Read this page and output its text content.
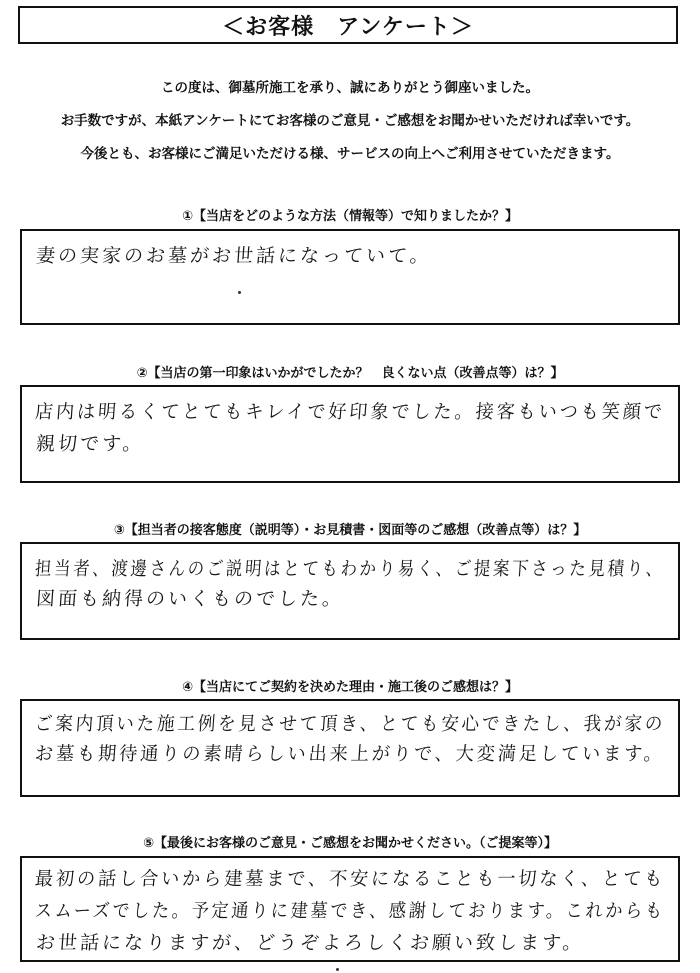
＜お客様　アンケート＞
この度は、御墓所施工を承り、誠にありがとう御座いました。
お手数ですが、本紙アンケートにてお客様のご意見・ご感想をお聞かせいただければ幸いです。
今後とも、お客様にご満足いただける様、サービスの向上へご利用させていただきます。
①【当店をどのような方法（情報等）で知りましたか？】
妻の実家のお墓がお世話になっていて。
②【当店の第一印象はいかがでしたか？　良くない点（改善点等）は？】
店内は明るくてとてもキレイで好印象でした。接客もいつも笑顔で
親切です。
③【担当者の接客態度（説明等）・お見積書・図面等のご感想（改善点等）は？】
担当者、渡邊さんのご説明はとてもわかり易く、ご提案下さった見積り、
図面も納得のいくものでした。
④【当店にてご契約を決めた理由・施工後のご感想は？】
ご案内頂いた施工例を見させて頂き、とても安心できたし、我が家の
お墓も期待通りの素晴らしい出来上がりで、大変満足しています。
⑤【最後にお客様のご意見・ご感想をお聞かせください。（ご提案等）】
最初の話し合いから建墓まで、不安になることも一切なく、とても
スムーズでした。予定通りに建墓でき、感謝しております。これからも
お世話になりますが、どうぞよろしくお願い致します。
